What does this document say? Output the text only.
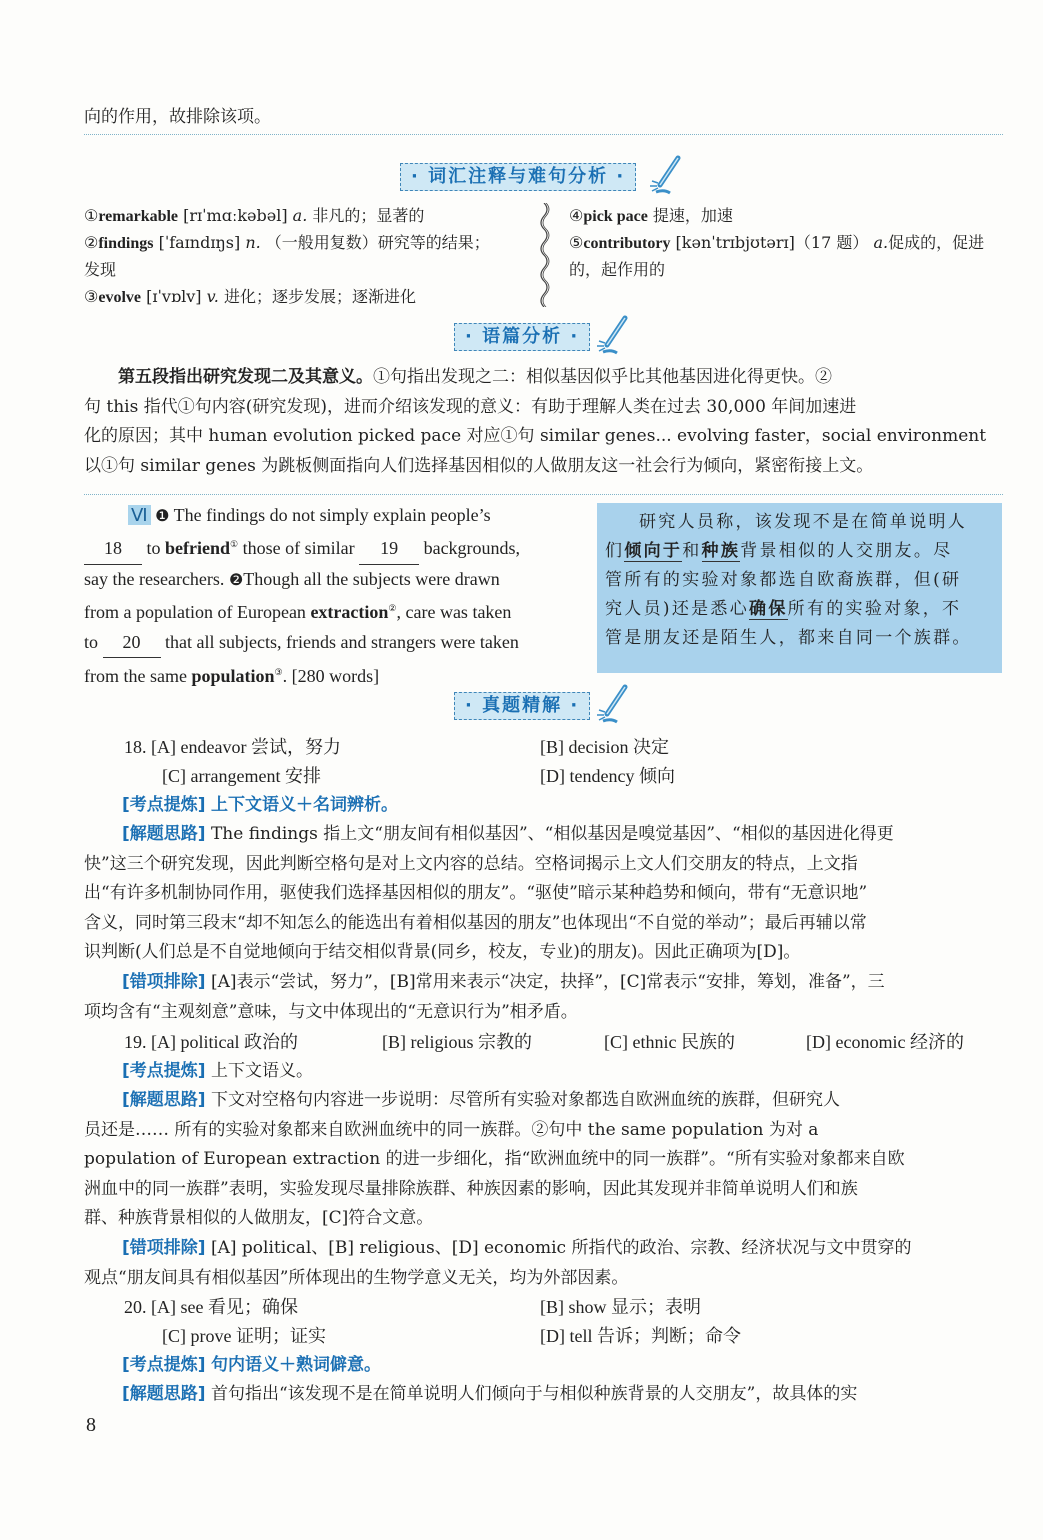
向的作用，故排除该项。
· 词汇注释与难句分析 ·
①remarkable [rɪˈmɑːkəbəl] a. 非凡的；显著的
②findings [ˈfaɪndɪŋs] n. （一般用复数）研究等的结果；
发现
③evolve [ɪˈvɒlv] v. 进化；逐步发展；逐渐进化
④pick pace 提速，加速
⑤contributory [kənˈtrɪbjʊtərɪ]（17 题） a.促成的，促进
的，起作用的
· 语篇分析 ·
第五段指出研究发现二及其意义。①句指出发现之二：相似基因似乎比其他基因进化得更快。②
句 this 指代①句内容(研究发现)，进而介绍该发现的意义：有助于理解人类在过去 30,000 年间加速进
化的原因；其中 human evolution picked pace 对应①句 similar genes... evolving faster，social environment
以①句 similar genes 为跳板侧面指向人们选择基因相似的人做朋友这一社会行为倾向，紧密衔接上文。
Ⅵ ❶ The findings do not simply explain people’s
18 to befriend① those of similar 19 backgrounds,
say the researchers. ❷Though all the subjects were drawn
from a population of European extraction②, care was taken
to 20 that all subjects, friends and strangers were taken
from the same population③. [280 words]
研究人员称，该发现不是在简单说明人
们倾向于和种族背景相似的人交朋友。尽
管所有的实验对象都选自欧裔族群，但(研
究人员)还是悉心确保所有的实验对象，不
管是朋友还是陌生人，都来自同一个族群。
· 真题精解 ·
18. [A] endeavor 尝试，努力	[B] decision 决定
[C] arrangement 安排	[D] tendency 倾向
[考点提炼] 上下文语义＋名词辨析。
[解题思路] The findings 指上文“朋友间有相似基因”、“相似基因是嗅觉基因”、“相似的基因进化得更
快”这三个研究发现，因此判断空格句是对上文内容的总结。空格词揭示上文人们交朋友的特点，上文指
出“有许多机制协同作用，驱使我们选择基因相似的朋友”。“驱使”暗示某种趋势和倾向，带有“无意识地”
含义，同时第三段末“却不知怎么的能选出有着相似基因的朋友”也体现出“不自觉的举动”；最后再辅以常
识判断(人们总是不自觉地倾向于结交相似背景(同乡，校友，专业)的朋友)。因此正确项为[D]。
[错项排除] [A]表示“尝试，努力”，[B]常用来表示“决定，抉择”，[C]常表示“安排，筹划，准备”，三
项均含有“主观刻意”意味，与文中体现出的“无意识行为”相矛盾。
19. [A] political 政治的	[B] religious 宗教的	[C] ethnic 民族的	[D] economic 经济的
[考点提炼] 上下文语义。
[解题思路] 下文对空格句内容进一步说明：尽管所有实验对象都选自欧洲血统的族群，但研究人
员还是…… 所有的实验对象都来自欧洲血统中的同一族群。②句中 the same population 为对 a
population of European extraction 的进一步细化，指“欧洲血统中的同一族群”。“所有实验对象都来自欧
洲血中的同一族群”表明，实验发现尽量排除族群、种族因素的影响，因此其发现并非简单说明人们和族
群、种族背景相似的人做朋友，[C]符合文意。
[错项排除] [A] political、[B] religious、[D] economic 所指代的政治、宗教、经济状况与文中贯穿的
观点“朋友间具有相似基因”所体现出的生物学意义无关，均为外部因素。
20. [A] see 看见；确保	[B] show 显示；表明
[C] prove 证明；证实	[D] tell 告诉；判断；命令
[考点提炼] 句内语义＋熟词僻意。
[解题思路] 首句指出“该发现不是在简单说明人们倾向于与相似种族背景的人交朋友”，故具体的实
8
